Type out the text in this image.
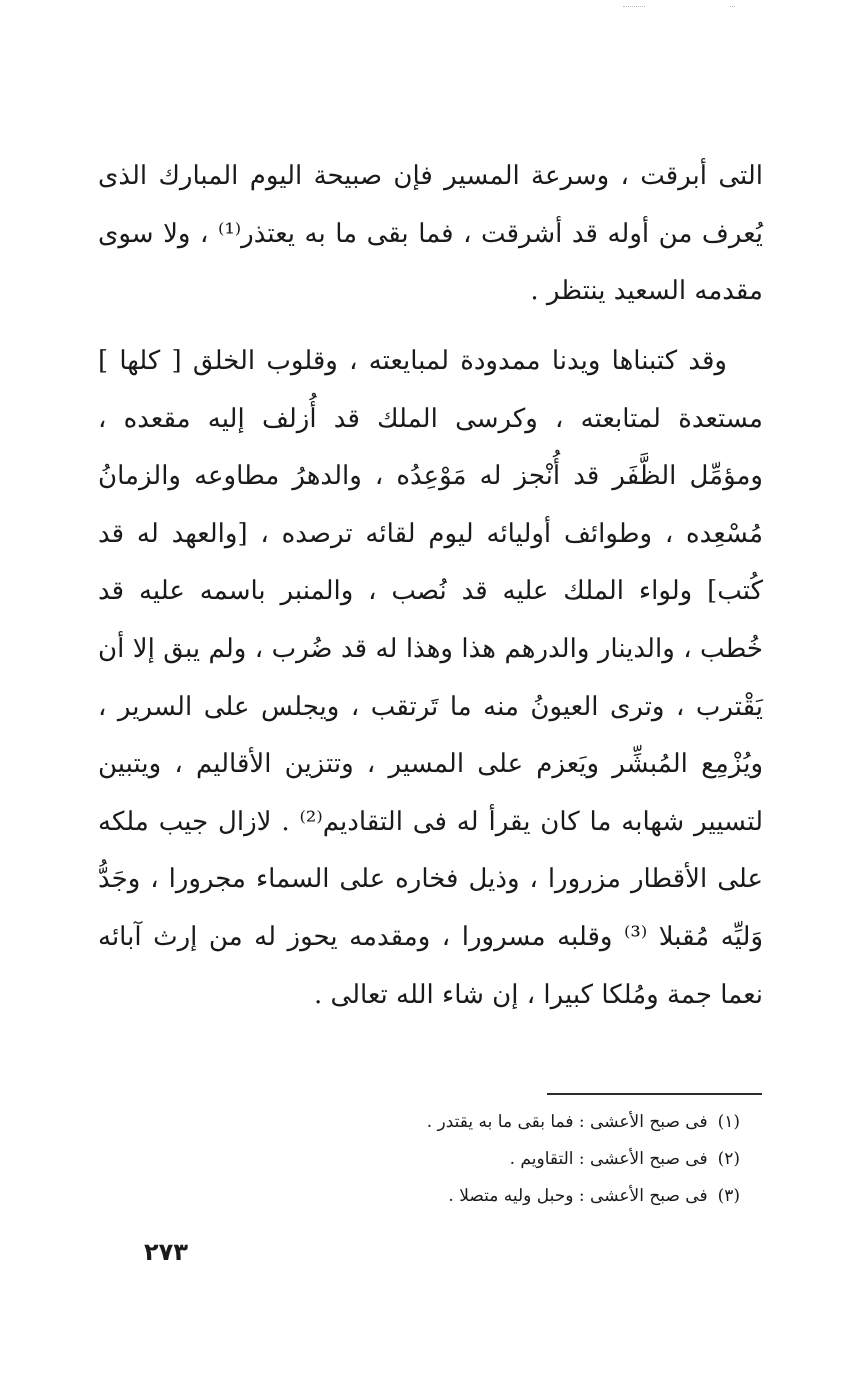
التى أبرقت ، وسرعة المسير فإن صبيحة اليوم المبارك الذى يُعرف من أوله قد أشرقت ، فما بقى ما به يعتذر⁽¹⁾ ، ولا سوى مقدمه السعيد ينتظر .

وقد كتبناها ويدنا ممدودة لمبايعته ، وقلوب الخلق [ كلها ] مستعدة لمتابعته ، وكرسى الملك قد أُزلف إليه مقعده ، ومؤمِّل الظَّفَر قد أُنْجز له مَوْعِدُه ، والدهرُ مطاوعه والزمانُ مُسْعِده ، وطوائف أوليائه ليوم لقائه ترصده ، [والعهد له قد كُتب] ولواء الملك عليه قد نُصب ، والمنبر باسمه عليه قد خُطب ، والدينار والدرهم هذا وهذا له قد ضُرب ، ولم يبق إلا أن يَقْترب ، وترى العيونُ منه ما تَرتقب ، ويجلس على السرير ، ويُزْمِع المُبشِّر ويَعزم على المسير ، وتتزين الأقاليم ، ويتبين لتسيير شهابه ما كان يقرأ له فى التقاديم⁽²⁾ . لازال جيب ملكه على الأقطار مزرورا ، وذيل فخاره على السماء مجرورا ، وجَدُّ وَليِّه مُقبلا ⁽³⁾ وقلبه مسرورا ، ومقدمه يحوز له من إرث آبائه نعما جمة ومُلكا كبيرا ، إن شاء الله تعالى .

(١)فى صبح الأعشى : فما بقى ما به يقتدر .
(٢)فى صبح الأعشى : التقاويم .
(٣)فى صبح الأعشى : وحبل وليه متصلا .
٢٧٣
